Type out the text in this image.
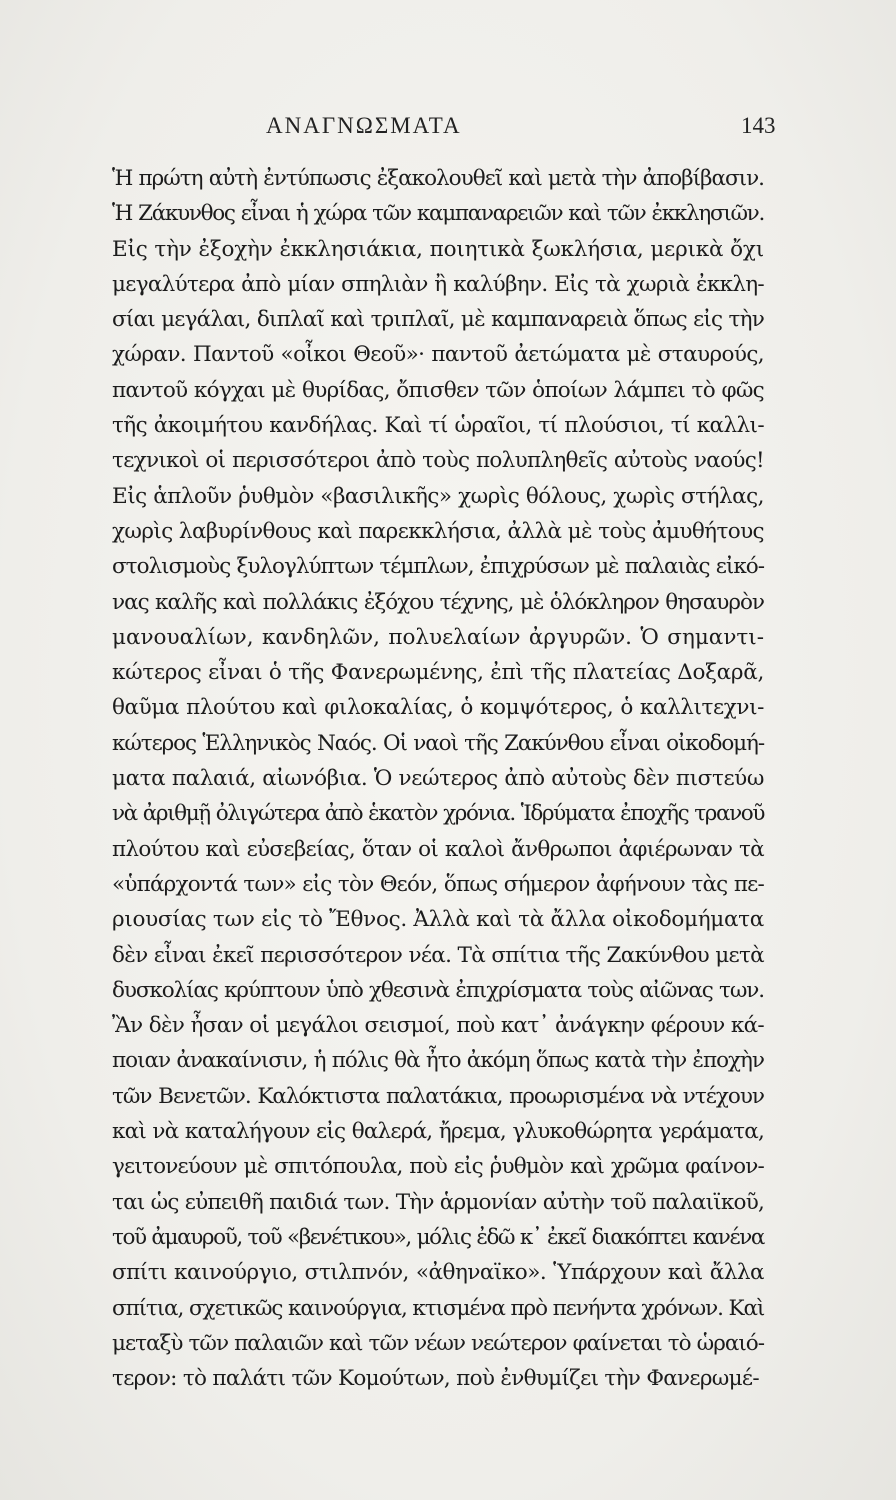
ΑΝΑΓΝΩΣΜΑΤΑ	143
Ἡ πρώτη αὐτὴ ἐντύπωσις ἐξακολουθεῖ καὶ μετὰ τὴν ἀποβίβασιν.
Ἡ Ζάκυνθος εἶναι ἡ χώρα τῶν καμπαναρειῶν καὶ τῶν ἐκκλησιῶν.
Εἰς τὴν ἐξοχὴν ἐκκλησιάκια, ποιητικὰ ξωκλήσια, μερικὰ ὄχι
μεγαλύτερα ἀπὸ μίαν σπηλιὰν ἢ καλύβην. Εἰς τὰ χωριὰ ἐκκλη-
σίαι μεγάλαι, διπλαῖ καὶ τριπλαῖ, μὲ καμπαναρειὰ ὅπως εἰς τὴν
χώραν. Παντοῦ «οἶκοι Θεοῦ»· παντοῦ ἀετώματα μὲ σταυρούς,
παντοῦ κόγχαι μὲ θυρίδας, ὄπισθεν τῶν ὁποίων λάμπει τὸ φῶς
τῆς ἀκοιμήτου κανδήλας. Καὶ τί ὡραῖοι, τί πλούσιοι, τί καλλι-
τεχνικοὶ οἱ περισσότεροι ἀπὸ τοὺς πολυπληθεῖς αὐτοὺς ναούς!
Εἰς ἁπλοῦν ῥυθμὸν «βασιλικῆς» χωρὶς θόλους, χωρὶς στήλας,
χωρὶς λαβυρίνθους καὶ παρεκκλήσια, ἀλλὰ μὲ τοὺς ἀμυθήτους
στολισμοὺς ξυλογλύπτων τέμπλων, ἐπιχρύσων μὲ παλαιὰς εἰκό-
νας καλῆς καὶ πολλάκις ἐξόχου τέχνης, μὲ ὁλόκληρον θησαυρὸν
μανουαλίων, κανδηλῶν, πολυελαίων ἀργυρῶν. Ὁ σημαντι-
κώτερος εἶναι ὁ τῆς Φανερωμένης, ἐπὶ τῆς πλατείας Δοξαρᾶ,
θαῦμα πλούτου καὶ φιλοκαλίας, ὁ κομψότερος, ὁ καλλιτεχνι-
κώτερος Ἑλληνικὸς Ναός. Οἱ ναοὶ τῆς Ζακύνθου εἶναι οἰκοδομή-
ματα παλαιά, αἰωνόβια. Ὁ νεώτερος ἀπὸ αὐτοὺς δὲν πιστεύω
νὰ ἀριθμῇ ὀλιγώτερα ἀπὸ ἑκατὸν χρόνια. Ἱδρύματα ἐποχῆς τρανοῦ
πλούτου καὶ εὐσεβείας, ὅταν οἱ καλοὶ ἄνθρωποι ἀφιέρωναν τὰ
«ὑπάρχοντά των» εἰς τὸν Θεόν, ὅπως σήμερον ἀφήνουν τὰς πε-
ριουσίας των εἰς τὸ Ἔθνος. Ἀλλὰ καὶ τὰ ἄλλα οἰκοδομήματα
δὲν εἶναι ἐκεῖ περισσότερον νέα. Τὰ σπίτια τῆς Ζακύνθου μετὰ
δυσκολίας κρύπτουν ὑπὸ χθεσινὰ ἐπιχρίσματα τοὺς αἰῶνας των.
Ἂν δὲν ἦσαν οἱ μεγάλοι σεισμοί, ποὺ κατ᾽ ἀνάγκην φέρουν κά-
ποιαν ἀνακαίνισιν, ἡ πόλις θὰ ἦτο ἀκόμη ὅπως κατὰ τὴν ἐποχὴν
τῶν Βενετῶν. Καλόκτιστα παλατάκια, προωρισμένα νὰ ντέχουν
καὶ νὰ καταλήγουν εἰς θαλερά, ἤρεμα, γλυκοθώρητα γεράματα,
γειτονεύουν μὲ σπιτόπουλα, ποὺ εἰς ῥυθμὸν καὶ χρῶμα φαίνον-
ται ὡς εὐπειθῆ παιδιά των. Τὴν ἁρμονίαν αὐτὴν τοῦ παλαιϊκοῦ,
τοῦ ἀμαυροῦ, τοῦ «βενέτικου», μόλις ἐδῶ κ᾽ ἐκεῖ διακόπτει κανένα
σπίτι καινούργιο, στιλπνόν, «ἀθηναϊκο». Ὑπάρχουν καὶ ἄλλα
σπίτια, σχετικῶς καινούργια, κτισμένα πρὸ πενήντα χρόνων. Καὶ
μεταξὺ τῶν παλαιῶν καὶ τῶν νέων νεώτερον φαίνεται τὸ ὡραιό-
τερον: τὸ παλάτι τῶν Κομούτων, ποὺ ἐνθυμίζει τὴν Φανερωμέ-
